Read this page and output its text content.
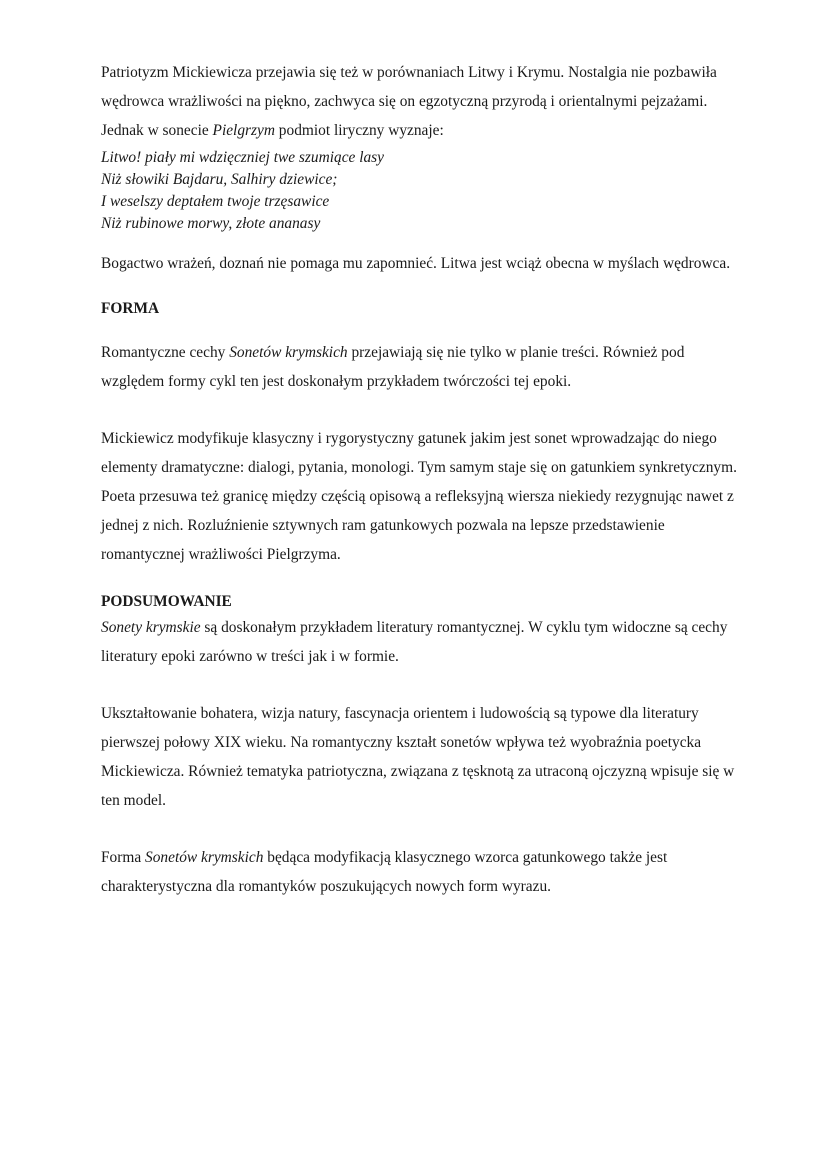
Patriotyzm Mickiewicza przejawia się też w porównaniach Litwy i Krymu. Nostalgia nie pozbawiła wędrowca wrażliwości na piękno, zachwyca się on egzotyczną przyrodą i orientalnymi pejzażami. Jednak w sonecie Pielgrzym podmiot liryczny wyznaje:

Litwo! piały mi wdzięczniej twe szumiące lasy
Niż słowiki Bajdaru, Salhiry dziewice;
I weselszy deptałem twoje trzęsawice
Niż rubinowe morwy, złote ananasy

Bogactwo wrażeń, doznań nie pomaga mu zapomnieć. Litwa jest wciąż obecna w myślach wędrowca.

FORMA

Romantyczne cechy Sonetów krymskich przejawiają się nie tylko w planie treści. Również pod względem formy cykl ten jest doskonałym przykładem twórczości tej epoki.

Mickiewicz modyfikuje klasyczny i rygorystyczny gatunek jakim jest sonet wprowadzając do niego elementy dramatyczne: dialogi, pytania, monologi. Tym samym staje się on gatunkiem synkretycznym. Poeta przesuwa też granicę między częścią opisową a refleksyjną wiersza niekiedy rezygnując nawet z jednej z nich. Rozluźnienie sztywnych ram gatunkowych pozwala na lepsze przedstawienie romantycznej wrażliwości Pielgrzyma.

PODSUMOWANIE

Sonety krymskie są doskonałym przykładem literatury romantycznej. W cyklu tym widoczne są cechy literatury epoki zarówno w treści jak i w formie.

Ukształtowanie bohatera, wizja natury, fascynacja orientem i ludowością są typowe dla literatury pierwszej połowy XIX wieku. Na romantyczny kształt sonetów wpływa też wyobraźnia poetycka Mickiewicza. Również tematyka patriotyczna, związana z tęsknotą za utraconą ojczyzną wpisuje się w ten model.

Forma Sonetów krymskich będąca modyfikacją klasycznego wzorca gatunkowego także jest charakterystyczna dla romantyków poszukujących nowych form wyrazu.
